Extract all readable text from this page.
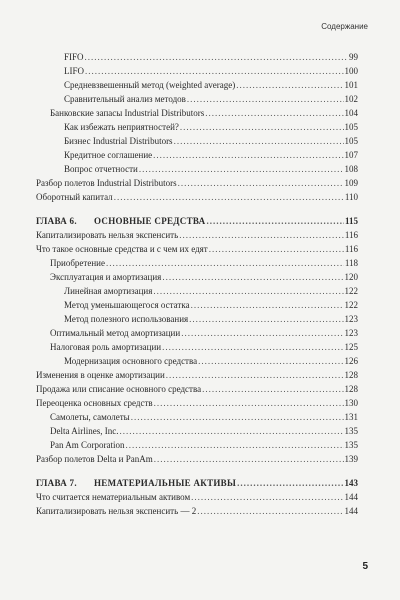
Содержание
FIFO .....	99
LIFO .....	100
Средневзвешенный метод (weighted average) .....	101
Сравнительный анализ методов .....	102
Банковские запасы Industrial Distributors .....	104
Как избежать неприятностей? .....	105
Бизнес Industrial Distributors .....	105
Кредитное соглашение .....	107
Вопрос отчетности .....	108
Разбор полетов Industrial Distributors .....	109
Оборотный капитал .....	110
ГЛАВА 6. ОСНОВНЫЕ СРЕДСТВА .....	115
Капитализировать нельзя экспенсить .....	116
Что такое основные средства и с чем их едят .....	116
Приобретение .....	118
Эксплуатация и амортизация .....	120
Линейная амортизация .....	122
Метод уменьшающегося остатка .....	122
Метод полезного использования .....	123
Оптимальный метод амортизации .....	123
Налоговая роль амортизации .....	125
Модернизация основного средства .....	126
Изменения в оценке амортизации .....	128
Продажа или списание основного средства .....	128
Переоценка основных средств .....	130
Самолеты, самолеты .....	131
Delta Airlines, Inc. .....	135
Pan Am Corporation .....	135
Разбор полетов Delta и PanAm .....	139
ГЛАВА 7. НЕМАТЕРИАЛЬНЫЕ АКТИВЫ .....	143
Что считается нематериальным активом .....	144
Капитализировать нельзя экспенсить — 2 .....	144
5
